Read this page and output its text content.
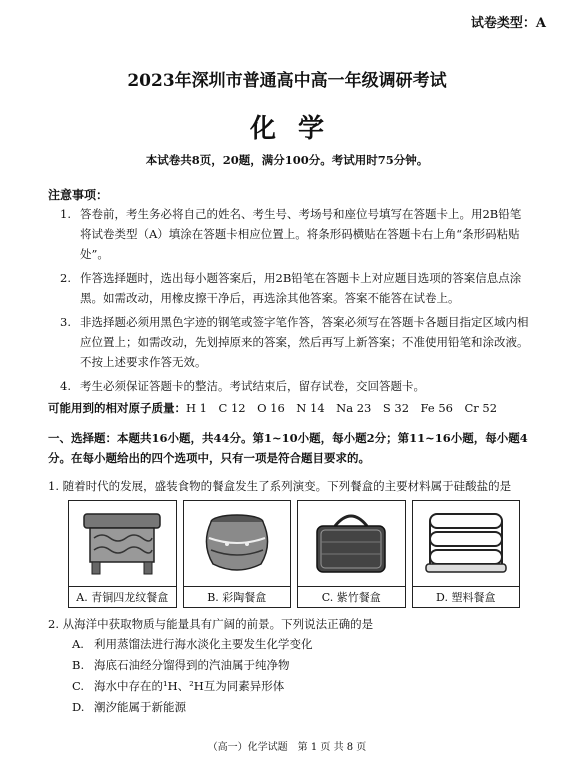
试卷类型：A
2023年深圳市普通高中高一年级调研考试
化学
本试卷共8页，20题，满分100分。考试用时75分钟。
注意事项：
1. 答卷前，考生务必将自己的姓名、考生号、考场号和座位号填写在答题卡上。用2B铅笔将试卷类型（A）填涂在答题卡相应位置上。将条形码横贴在答题卡右上角“条形码粘贴处”。
2. 作答选择题时，选出每小题答案后，用2B铅笔在答题卡上对应题目选项的答案信息点涂黑。如需改动，用橡皮擦干净后，再选涂其他答案。答案不能答在试卷上。
3. 非选择题必须用黑色字迹的钢笔或签字笔作答，答案必须写在答题卡各题目指定区域内相应位置上；如需改动，先划掉原来的答案，然后再写上新答案；不准使用铅笔和涂改液。不按上述要求作答无效。
4. 考生必须保证答题卡的整洁。考试结束后，留存试卷，交回答题卡。
可能用到的相对原子质量：H 1　C 12　O 16　N 14　Na 23　S 32　Fe 56　Cr 52
一、选择题：本题共16小题，共44分。第1~10小题，每小题2分；第11~16小题，每小题4分。在每小题给出的四个选项中，只有一项是符合题目要求的。
1. 随着时代的发展，盛装食物的餐盒发生了系列演变。下列餐盒的主要材料属于硅酸盐的是
A. 青铜四龙纹餐盒	B. 彩陶餐盒	C. 紫竹餐盒	D. 塑料餐盒
2. 从海洋中获取物质与能量具有广阔的前景。下列说法正确的是
A. 利用蒸馏法进行海水淡化主要发生化学变化
B. 海底石油经分馏得到的汽油属于纯净物
C. 海水中存在的¹H、²H互为同素异形体
D. 潮汐能属于新能源
（高一）化学试题　第 1 页 共 8 页
